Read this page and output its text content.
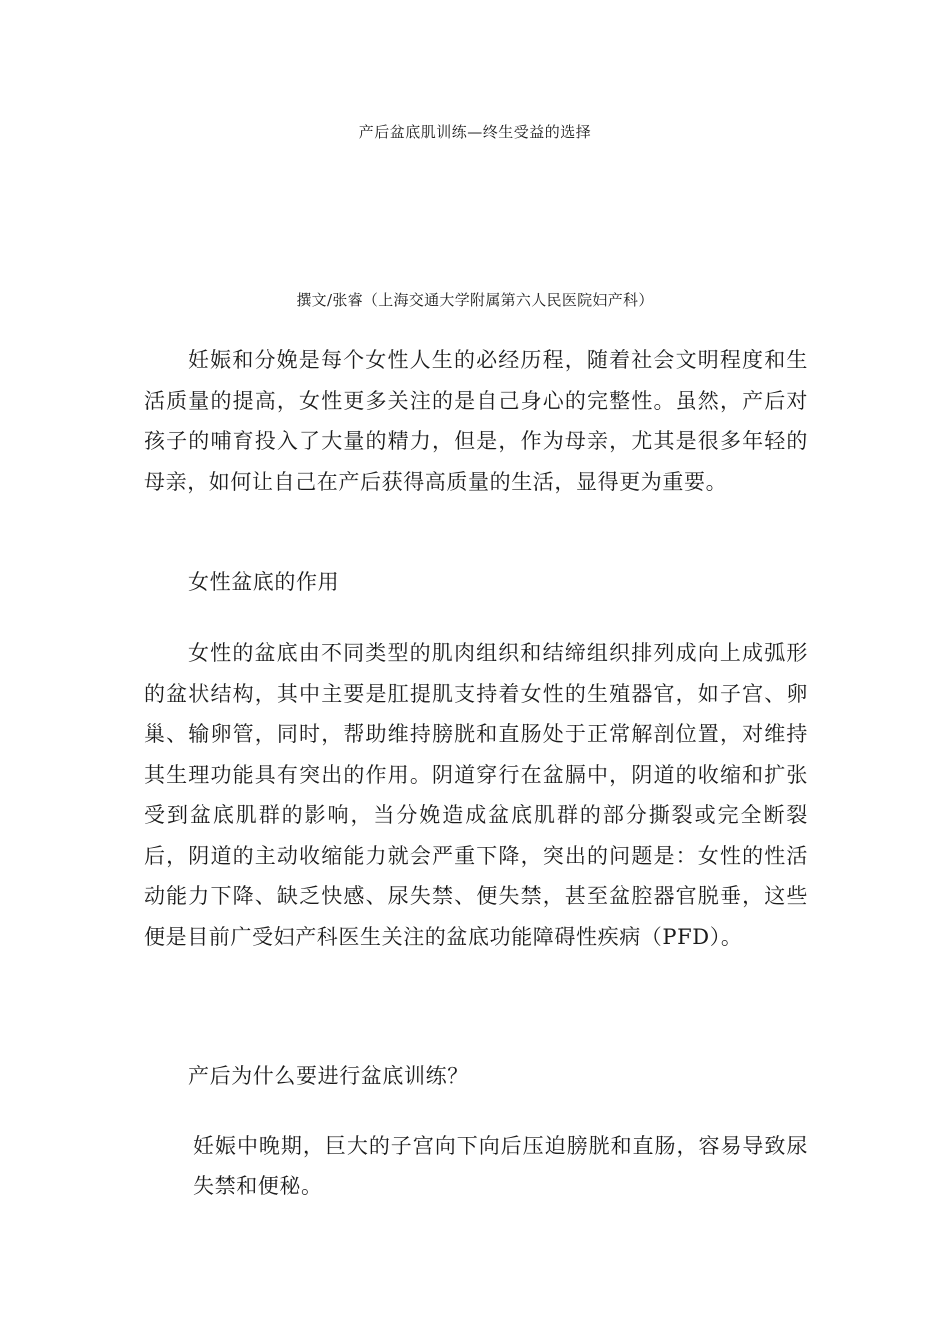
产后盆底肌训练—终生受益的选择
撰文/张睿（上海交通大学附属第六人民医院妇产科）

妊娠和分娩是每个女性人生的必经历程，随着社会文明程度和生活质量的提高，女性更多关注的是自己身心的完整性。虽然，产后对孩子的哺育投入了大量的精力，但是，作为母亲，尤其是很多年轻的母亲，如何让自己在产后获得高质量的生活，显得更为重要。

女性盆底的作用

女性的盆底由不同类型的肌肉组织和结缔组织排列成向上成弧形的盆状结构，其中主要是肛提肌支持着女性的生殖器官，如子宫、卵巢、输卵管，同时，帮助维持膀胱和直肠处于正常解剖位置，对维持其生理功能具有突出的作用。阴道穿行在盆膈中，阴道的收缩和扩张受到盆底肌群的影响，当分娩造成盆底肌群的部分撕裂或完全断裂后，阴道的主动收缩能力就会严重下降，突出的问题是：女性的性活动能力下降、缺乏快感、尿失禁、便失禁，甚至盆腔器官脱垂，这些便是目前广受妇产科医生关注的盆底功能障碍性疾病（PFD）。

产后为什么要进行盆底训练？

妊娠中晚期，巨大的子宫向下向后压迫膀胱和直肠，容易导致尿失禁和便秘。
